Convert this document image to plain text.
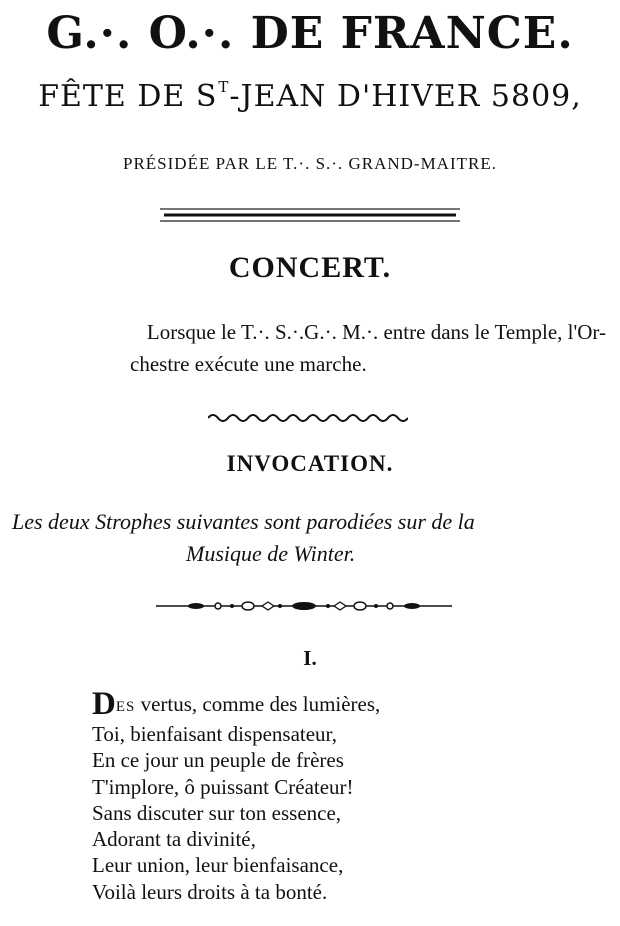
G.·. O.·. DE FRANCE.
FÊTE DE $S^T$-JEAN D'HIVER 5809,
PRÉSIDÉE PAR LE T.·. S.·. GRAND-MAITRE.
CONCERT.
Lorsque le T.·. S.·.G.·. M.·. entre dans le Temple, l'Or-
chestre exécute une marche.
INVOCATION.
Les deux Strophes suivantes sont parodiées sur de la
Musique de Winter.
I.
DES vertus, comme des lumières,
Toi, bienfaisant dispensateur,
En ce jour un peuple de frères
T'implore, ô puissant Créateur!
Sans discuter sur ton essence,
Adorant ta divinité,
Leur union, leur bienfaisance,
Voilà leurs droits à ta bonté.
